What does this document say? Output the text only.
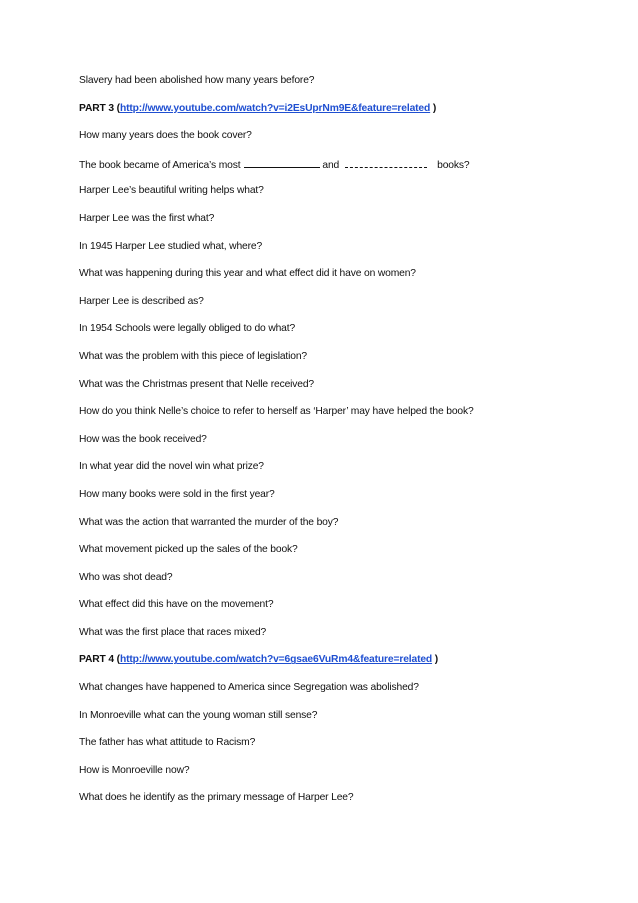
Slavery had been abolished how many years before?
PART 3 (http://www.youtube.com/watch?v=i2EsUprNm9E&feature=related )
How many years does the book cover?
The book became of America’s most	and	books?
Harper Lee’s beautiful writing helps what?
Harper Lee was the first what?
In 1945 Harper Lee studied what, where?
What was happening during this year and what effect did it have on women?
Harper Lee is described as?
In 1954 Schools were legally obliged to do what?
What was the problem with this piece of legislation?
What was the Christmas present that Nelle received?
How do you think Nelle’s choice to refer to herself as ‘Harper’ may have helped the book?
How was the book received?
In what year did the novel win what prize?
How many books were sold in the first year?
What was the action that warranted the murder of the boy?
What movement picked up the sales of the book?
Who was shot dead?
What effect did this have on the movement?
What was the first place that races mixed?
PART 4 (http://www.youtube.com/watch?v=6gsae6VuRm4&feature=related )
What changes have happened to America since Segregation was abolished?
In Monroeville what can the young woman still sense?
The father has what attitude to Racism?
How is Monroeville now?
What does he identify as the primary message of Harper Lee?
